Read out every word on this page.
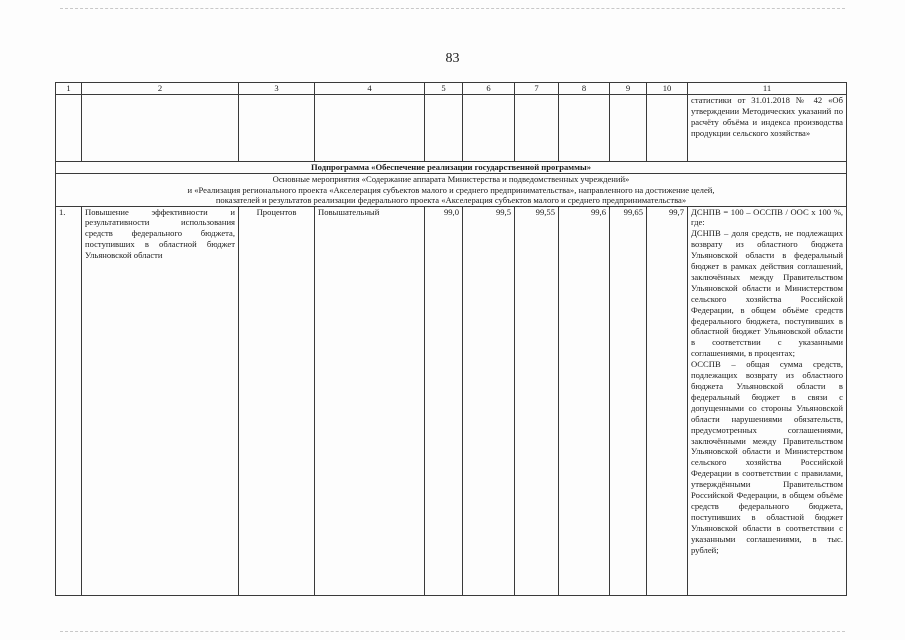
83
1	2	3	4	5	6	7	8	9	10	11
										статистики от 31.01.2018 № 42 «Об утверждении Методических указаний по расчёту объёма и индекса производства продукции сельского хозяйства»
Подпрограмма «Обеспечение реализации государственной программы»										

Основные мероприятия «Содержание аппарата Министерства и подведомственных учреждений»
и «Реализация регионального проекта «Акселерация субъектов малого и среднего предпринимательства», направленного на достижение целей,
показателей и результатов реализации федерального проекта «Акселерация субъектов малого и среднего предпринимательства»										

1.	Повышение эффективности и результативности использования средств федерального бюджета, поступивших в областной бюджет Ульяновской области	Процентов	Повышательный	99,0	99,5	99,55	99,6	99,65	99,7	ДСНПВ = 100 – ОССПВ / ООС x 100 %, где:

ДСНПВ – доля средств, не подлежащих возврату из областного бюджета Ульяновской области в федеральный бюджет в рамках действия соглашений, заключённых между Правительством Ульяновской области и Министерством сельского хозяйства Российской Федерации, в общем объёме средств федерального бюджета, поступивших в областной бюджет Ульяновской области в соответствии с указанными соглашениями, в процентах;

ОССПВ – общая сумма средств, подлежащих возврату из областного бюджета Ульяновской области в федеральный бюджет в связи с допущенными со стороны Ульяновской области нарушениями обязательств, предусмотренных соглашениями, заключёнными между Правительством Ульяновской области и Министерством сельского хозяйства Российской Федерации в соответствии с правилами, утверждёнными Правительством Российской Федерации, в общем объёме средств федерального бюджета, поступивших в областной бюджет Ульяновской области в соответствии с указанными соглашениями, в тыс. рублей;
